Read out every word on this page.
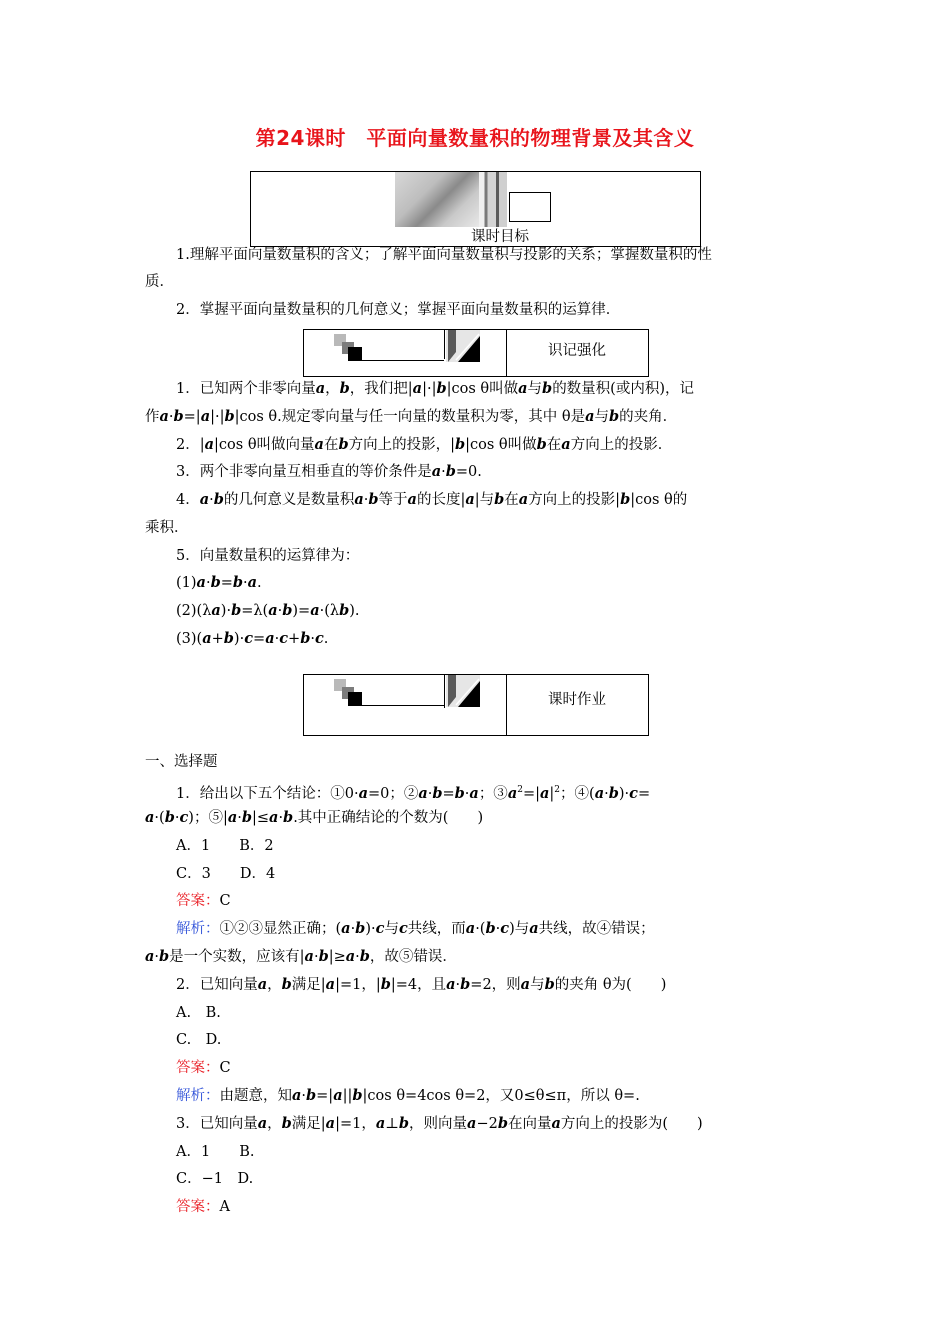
第24课时　平面向量数量积的物理背景及其含义
课时目标
1.理解平面向量数量积的含义；了解平面向量数量积与投影的关系；掌握数量积的性
质．
2．掌握平面向量数量积的几何意义；掌握平面向量数量积的运算律．
识记强化
1．已知两个非零向量a，b，我们把|a|·|b|cos θ叫做a与b的数量积(或内积)，记
作a·b=|a|·|b|cos θ.规定零向量与任一向量的数量积为零，其中 θ是a与b的夹角．
2．|a|cos θ叫做向量a在b方向上的投影，|b|cos θ叫做b在a方向上的投影．
3．两个非零向量互相垂直的等价条件是a·b=0.
4．a·b的几何意义是数量积a·b等于a的长度|a|与b在a方向上的投影|b|cos θ的
乘积．
5．向量数量积的运算律为：
(1)a·b=b·a.
(2)(λa)·b=λ(a·b)=a·(λb).
(3)(a+b)·c=a·c+b·c.
课时作业
一、选择题
1．给出以下五个结论：①0·a=0；②a·b=b·a；$③a^2=|a|^2$；④(a·b)·c=
a·(b·c)；⑤|a·b|≤a·b.其中正确结论的个数为(　　)
A．1　　B．2
C．3　　D．4
答案：C
解析：①②③显然正确；(a·b)·c与c共线，而a·(b·c)与a共线，故④错误；
a·b是一个实数，应该有|a·b|≥a·b，故⑤错误．
2．已知向量a，b满足|a|=1，|b|=4，且a·b=2，则a与b的夹角 θ为(　　)
A.　B.
C.　D.
答案：C
解析：由题意，知a·b=|a||b|cos θ=4cos θ=2，又0≤θ≤π，所以 θ=.
3．已知向量a，b满足|a|=1，a⊥b，则向量a−2b在向量a方向上的投影为(　　)
A．1　　B.
C．−1　D.
答案：A
